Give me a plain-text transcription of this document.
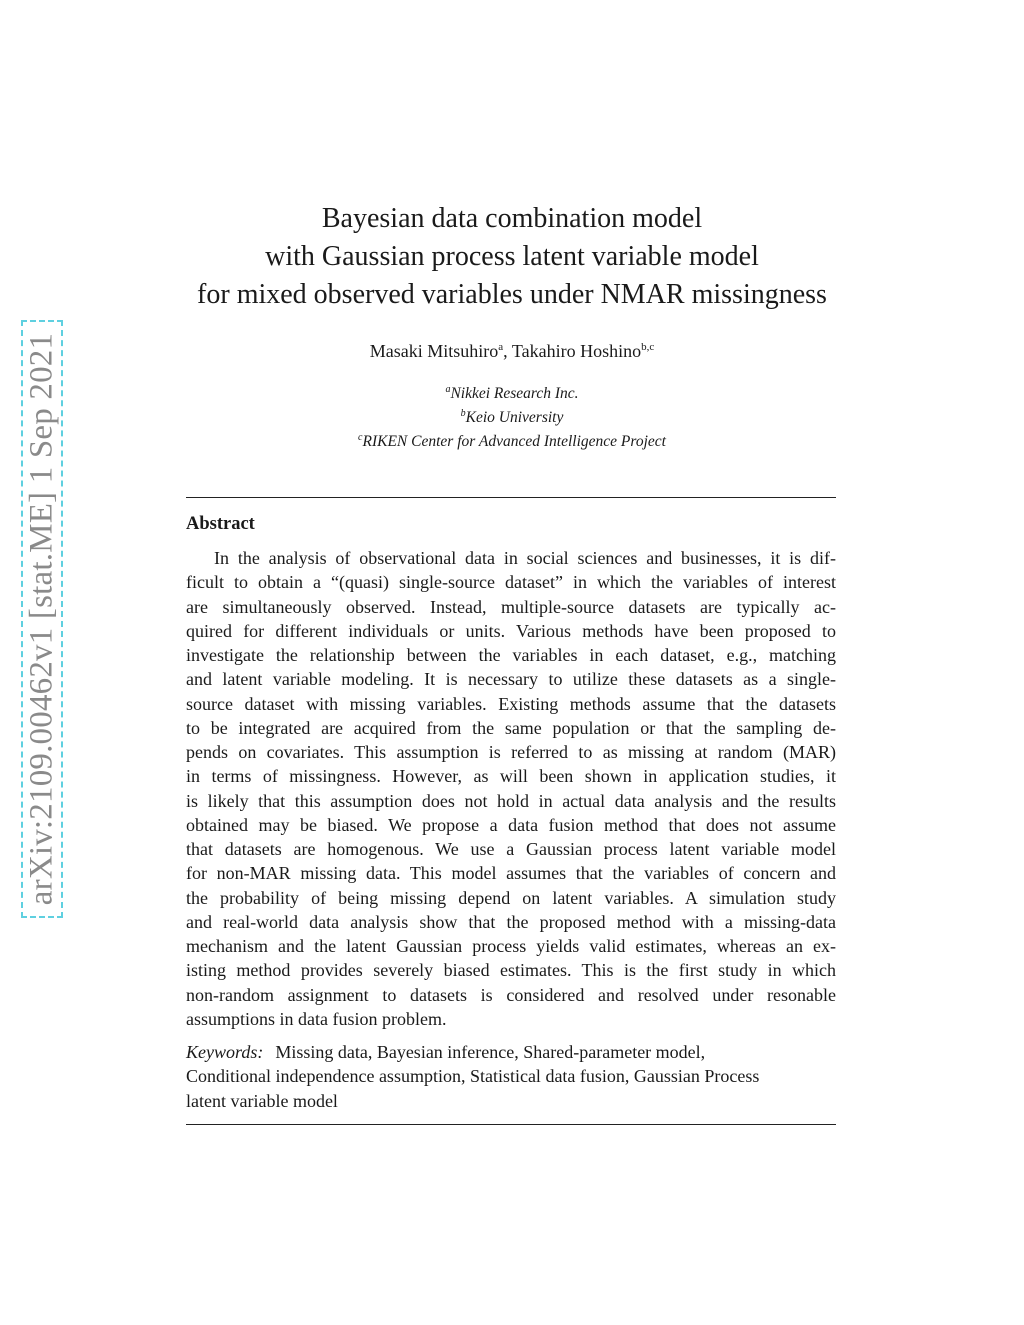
arXiv:2109.00462v1 [stat.ME] 1 Sep 2021
Bayesian data combination model
with Gaussian process latent variable model
for mixed observed variables under NMAR missingness
Masaki Mitsuhiro$^a$, Takahiro Hoshino$^{b,c}$
$^a$Nikkei Research Inc.
$^b$Keio University
$^c$RIKEN Center for Advanced Intelligence Project
Abstract
In the analysis of observational data in social sciences and businesses, it is dif-
ficult to obtain a “(quasi) single-source dataset” in which the variables of interest
are simultaneously observed. Instead, multiple-source datasets are typically ac-
quired for different individuals or units. Various methods have been proposed to
investigate the relationship between the variables in each dataset, e.g., matching
and latent variable modeling. It is necessary to utilize these datasets as a single-
source dataset with missing variables. Existing methods assume that the datasets
to be integrated are acquired from the same population or that the sampling de-
pends on covariates. This assumption is referred to as missing at random (MAR)
in terms of missingness. However, as will been shown in application studies, it
is likely that this assumption does not hold in actual data analysis and the results
obtained may be biased. We propose a data fusion method that does not assume
that datasets are homogenous. We use a Gaussian process latent variable model
for non-MAR missing data. This model assumes that the variables of concern and
the probability of being missing depend on latent variables. A simulation study
and real-world data analysis show that the proposed method with a missing-data
mechanism and the latent Gaussian process yields valid estimates, whereas an ex-
isting method provides severely biased estimates. This is the first study in which
non-random assignment to datasets is considered and resolved under resonable
assumptions in data fusion problem.
Keywords: Missing data, Bayesian inference, Shared-parameter model,
Conditional independence assumption, Statistical data fusion, Gaussian Process
latent variable model
